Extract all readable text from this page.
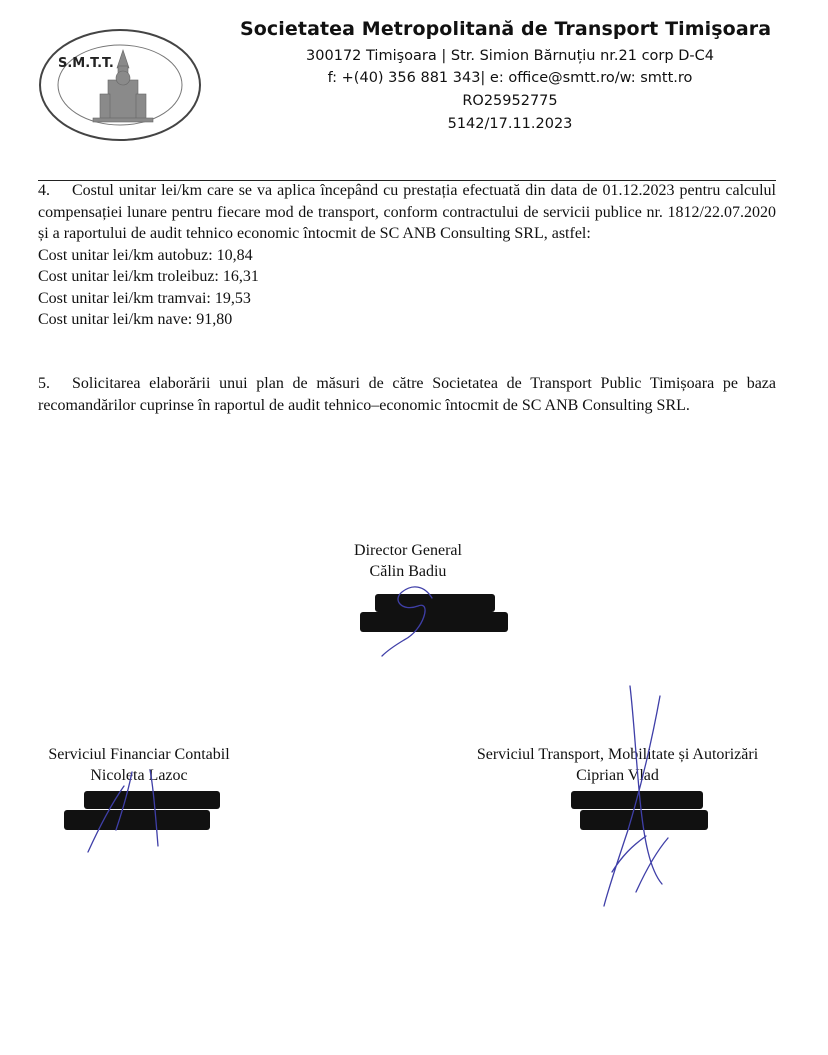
S.M.T.T.
Societatea Metropolitană de Transport Timişoara
300172 Timişoara | Str. Simion Bărnuțiu nr.21 corp D-C4
f: +(40) 356 881 343| e: office@smtt.ro/w: smtt.ro
RO25952775
5142/17.11.2023
4. Costul unitar lei/km care se va aplica începând cu prestația efectuată din data de 01.12.2023 pentru calculul compensației lunare pentru fiecare mod de transport, conform contractului de servicii publice nr. 1812/22.07.2020 și a raportului de audit tehnico economic întocmit de SC ANB Consulting SRL, astfel:
Cost unitar lei/km autobuz: 10,84
Cost unitar lei/km troleibuz: 16,31
Cost unitar lei/km tramvai: 19,53
Cost unitar lei/km nave: 91,80
5. Solicitarea elaborării unui plan de măsuri de către Societatea de Transport Public Timișoara pe baza recomandărilor cuprinse în raportul de audit tehnico–economic întocmit de SC ANB Consulting SRL.
Director General
Călin Badiu
Serviciul Financiar Contabil
Nicoleta Lazoc
Serviciul Transport, Mobilitate și Autorizări
Ciprian Vlad
